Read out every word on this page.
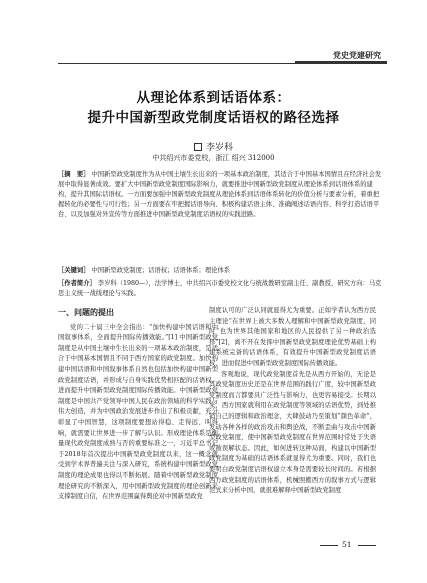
党史党建研究
从理论体系到话语体系：
提升中国新型政党制度话语权的路径选择
李岁科
中共绍兴市委党校，浙江 绍兴 312000
［摘　要］ 中国新型政党制度作为从中国土壤生长出来的一项基本政治制度，其适合于中国基本国情且在经济社会发展中取得显著成效。要扩大中国新型政党制度国际影响力，就要推进中国新型政党制度从理论体系到话语体系的建构，提升其国际话语权。一方面要加强中国新型政党制度从理论体系到话语体系转化的价值分析与要素分析，着重把握转化的必要性与可行性；另一方面要在牢把握话语导向、积极构建话语主体、准确阐述话语内容、科学打造话语平台、以及加强对外宣传等方面推进中国新型政党制度话语权的实践进路。
［关键词］ 中国新型政党制度；话语权；话语体系；理论体系
［作者简介］ 李岁科（1980—），法学博士，中共绍兴市委党校文化与统战教研室副主任、副教授，研究方向：马克思主义统一战线理论与实践。
一、问题的提出

党的二十届三中全会指出：“加快构建中国话语和中国叙事体系，全面提升国际传播效能。”[1] 中国新型政党制度是从中国土壤中生长出来的一项基本政治制度，是适合于中国基本国情且不同于西方国家的政党制度。加快构建中国话语和中国叙事体系自然也包括加快构建中国新型政党制度话语，并形成与自身实践优势相匹配的话语权，进而提升中国新型政党制度国际传播效能。中国新型政党制度是中国共产党领导中国人民在政治领域的科学实践与伟大创造，并为中国政治发展进步作出了积极贡献，充分彰显了中国智慧，这项制度要想站得稳、走得远、叫得响，就需要让世界进一步了解与认识。形成理论体系是衡量现代政党制度成熟与否的重要标准之一，习近平总书记于2018年首次提出中国新型政党制度以来，这一概念就受到学术界普遍关注与深入研究，系统构建中国新型政党制度的理论成果也得以不断拓展。随着中国新型政党制度理论研究的不断深入，用中国新型政党制度的理论创新来支撑制度自信，在世界范围赢得舆论对中国新型政党

制度认可的广泛认同就显得尤为重要。正如学者认为西方民主理论“在世界上被大多数人理解和中国新型政党制度，同时“也为世界其他国家和地区的人民提供了另一种政治选择”[2]，离不开在发挥中国新型政党制度理论优势基础上构建系统完备的话语体系，有效提升中国新型政党制度话语权，进而促进中国新型政党制度国际传播效能。

客观地说，现代政党制度首先是从西方开始的，无论是其政党制度历史还是在世界范围的践行广度，较中国新型政党制度而言都要具广泛性与影响力，也更容易接受。长期以来，西方国家就利用在政党制度等领域的话语优势，到处推销自己的逻辑和政治理念，大肆鼓动乃至策划“颜色革命”，发动各种各样的政治攻击和舆论战，不断歪曲与攻击中国新型政党制度，使中国新型政党制度在世界范围时常处于失语或被误解状态。因此，如何进转这种局面，构建以中国新型政党制度为基础的话语体系就显得尤为重要。同时，我们也要明白政党制度话语权建立本身是需要较长时间的。若根据西方政党制度的话语体系，机械照搬西方的叙事方式与逻辑范式来分析中国，就很难解释中国新型政党制度

51
